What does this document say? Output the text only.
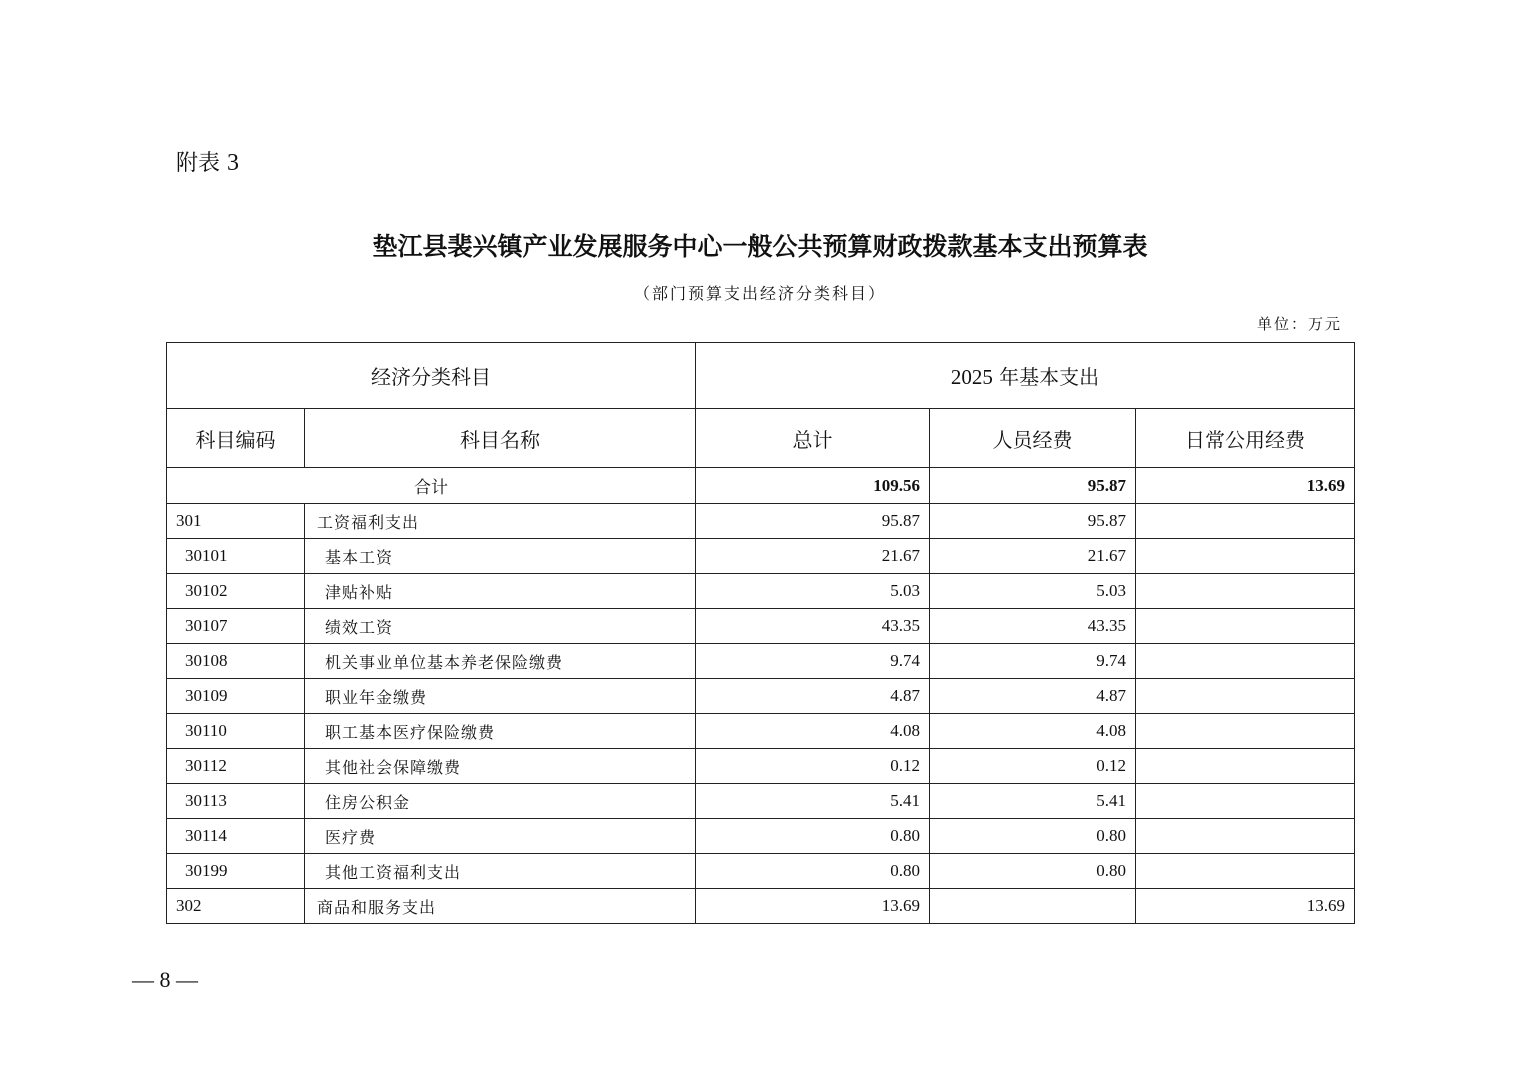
附表 3
垫江县裴兴镇产业发展服务中心一般公共预算财政拨款基本支出预算表
（部门预算支出经济分类科目）
单位：万元
经济分类科目		2025 年基本支出		
科目编码	科目名称	总计	人员经费	日常公用经费
合计		109.56	95.87	13.69
301	工资福利支出	95.87	95.87	
30101	基本工资	21.67	21.67	
30102	津贴补贴	5.03	5.03	
30107	绩效工资	43.35	43.35	
30108	机关事业单位基本养老保险缴费	9.74	9.74	
30109	职业年金缴费	4.87	4.87	
30110	职工基本医疗保险缴费	4.08	4.08	
30112	其他社会保障缴费	0.12	0.12	
30113	住房公积金	5.41	5.41	
30114	医疗费	0.80	0.80	
30199	其他工资福利支出	0.80	0.80	
302	商品和服务支出	13.69		13.69
— 8 —
